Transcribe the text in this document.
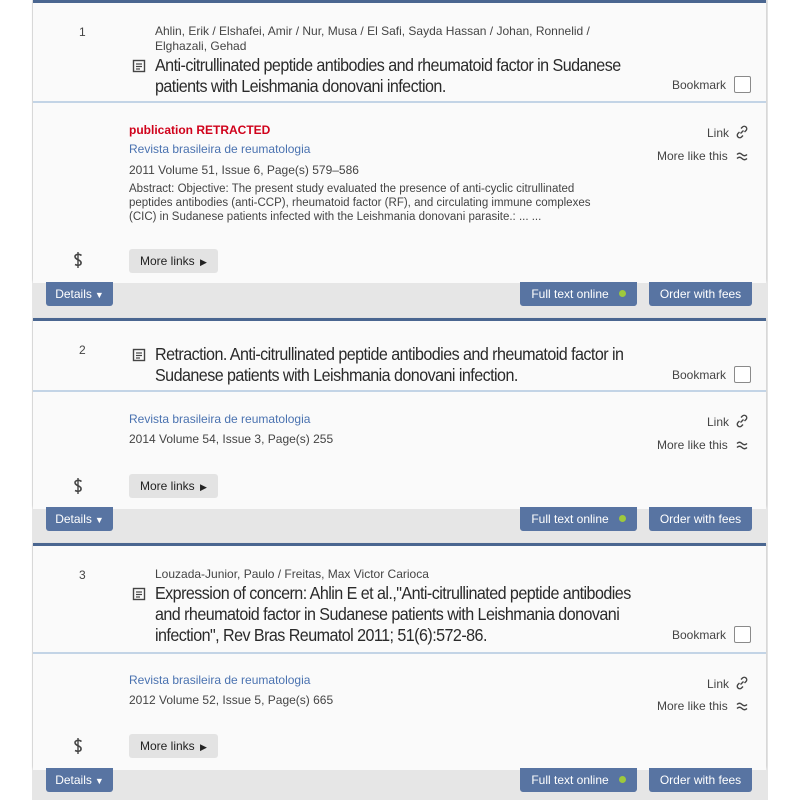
1	Ahlin, Erik / Elshafei, Amir / Nur, Musa / El Safi, Sayda Hassan / Johan, Ronnelid / Elghazali, Gehad
Anti-citrullinated peptide antibodies and rheumatoid factor in Sudanese patients with Leishmania donovani infection.	Bookmark
publication RETRACTED
Revista brasileira de reumatologia
2011 Volume 51, Issue 6, Page(s) 579–586
Abstract: Objective: The present study evaluated the presence of anti-cyclic citrullinated peptides antibodies (anti-CCP), rheumatoid factor (RF), and circulating immune complexes (CIC) in Sudanese patients infected with the Leishmania donovani parasite.: ... ...
Link
More like this
More links ▶
Details ▼	Full text online	Order with fees
2	Retraction. Anti-citrullinated peptide antibodies and rheumatoid factor in Sudanese patients with Leishmania donovani infection.	Bookmark
Revista brasileira de reumatologia
2014 Volume 54, Issue 3, Page(s) 255
Link
More like this
More links ▶
Details ▼	Full text online	Order with fees
3	Louzada-Junior, Paulo / Freitas, Max Victor Carioca
Expression of concern: Ahlin E et al.,"Anti-citrullinated peptide antibodies and rheumatoid factor in Sudanese patients with Leishmania donovani infection", Rev Bras Reumatol 2011; 51(6):572-86.	Bookmark
Revista brasileira de reumatologia
2012 Volume 52, Issue 5, Page(s) 665
Link
More like this
More links ▶
Details ▼	Full text online	Order with fees
